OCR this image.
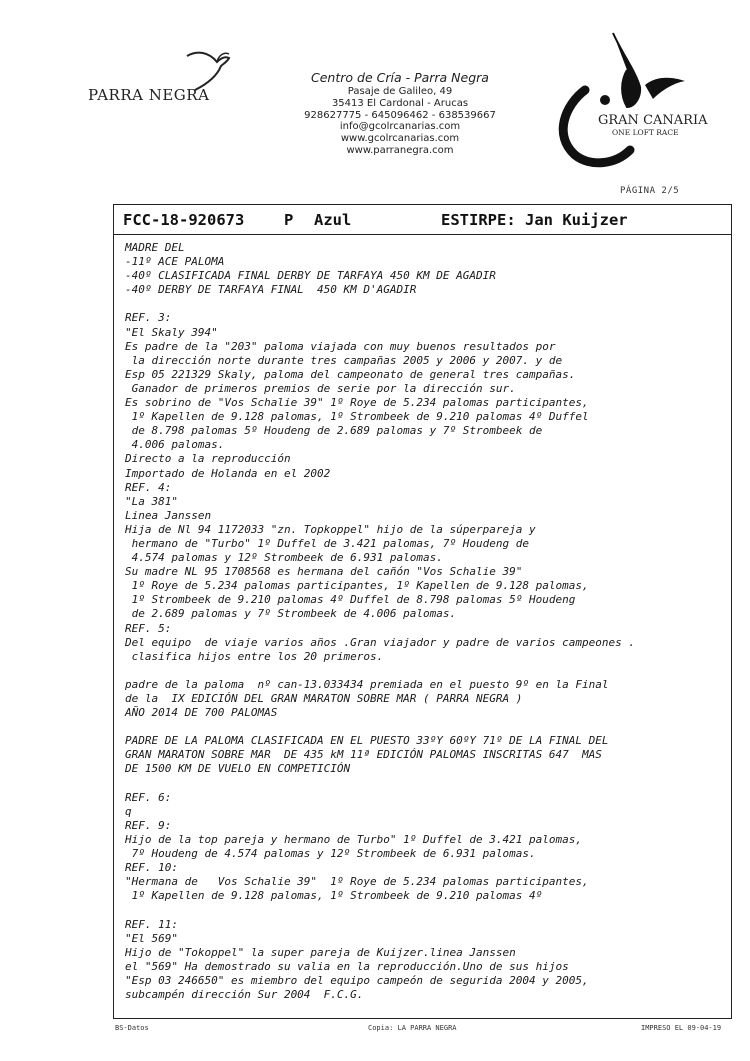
PARRA NEGRA
Centro de Cría - Parra Negra
Pasaje de Galileo, 49
35413 El Cardonal - Arucas
928627775 - 645096462 - 638539667
info@gcolrcanarias.com
www.gcolrcanarias.com
www.parranegra.com
GRAN CANARIA
ONE LOFT RACE
PÁGINA 2/5
FCC-18-920673	P Azul	ESTIRPE: Jan Kuijzer
MADRE DEL
-11º ACE PALOMA
-40º CLASIFICADA FINAL DERBY DE TARFAYA 450 KM DE AGADIR
-40º DERBY DE TARFAYA FINAL  450 KM D'AGADIR
REF. 3:
"El Skaly 394"
Es padre de la "203" paloma viajada con muy buenos resultados por
la dirección norte durante tres campañas 2005 y 2006 y 2007. y de
Esp 05 221329 Skaly, paloma del campeonato de general tres campañas.
Ganador de primeros premios de serie por la dirección sur.
Es sobrino de "Vos Schalie 39" 1º Roye de 5.234 palomas participantes,
1º Kapellen de 9.128 palomas, 1º Strombeek de 9.210 palomas 4º Duffel
de 8.798 palomas 5º Houdeng de 2.689 palomas y 7º Strombeek de
4.006 palomas.
Directo a la reproducción
Importado de Holanda en el 2002
REF. 4:
"La 381"
Linea Janssen
Hija de Nl 94 1172033 "zn. Topkoppel" hijo de la súperpareja y
hermano de "Turbo" 1º Duffel de 3.421 palomas, 7º Houdeng de
4.574 palomas y 12º Strombeek de 6.931 palomas.
Su madre NL 95 1708568 es hermana del cañón "Vos Schalie 39"
1º Roye de 5.234 palomas participantes, 1º Kapellen de 9.128 palomas,
1º Strombeek de 9.210 palomas 4º Duffel de 8.798 palomas 5º Houdeng
de 2.689 palomas y 7º Strombeek de 4.006 palomas.
REF. 5:
Del equipo  de viaje varios años .Gran viajador y padre de varios campeones .
clasifica hijos entre los 20 primeros.
padre de la paloma  nº can-13.033434 premiada en el puesto 9º en la Final
de la  IX EDICIÓN DEL GRAN MARATON SOBRE MAR ( PARRA NEGRA )
AÑO 2014 DE 700 PALOMAS
PADRE DE LA PALOMA CLASIFICADA EN EL PUESTO 33ºY 60ºY 71º DE LA FINAL DEL
GRAN MARATON SOBRE MAR  DE 435 kM 11ª EDICIÓN PALOMAS INSCRITAS 647  MAS
DE 1500 KM DE VUELO EN COMPETICIÓN
REF. 6:
q
REF. 9:
Hijo de la top pareja y hermano de Turbo" 1º Duffel de 3.421 palomas,
7º Houdeng de 4.574 palomas y 12º Strombeek de 6.931 palomas.
REF. 10:
"Hermana de   Vos Schalie 39"  1º Roye de 5.234 palomas participantes,
1º Kapellen de 9.128 palomas, 1º Strombeek de 9.210 palomas 4º
REF. 11:
"El 569"
Hijo de "Tokoppel" la super pareja de Kuijzer.linea Janssen
el "569" Ha demostrado su valia en la reproducción.Uno de sus hijos
"Esp 03 246650" es miembro del equipo campeón de segurida 2004 y 2005,
subcampén dirección Sur 2004  F.C.G.
BS-Datos	Copia: LA PARRA NEGRA	IMPRESO EL 09-04-19
